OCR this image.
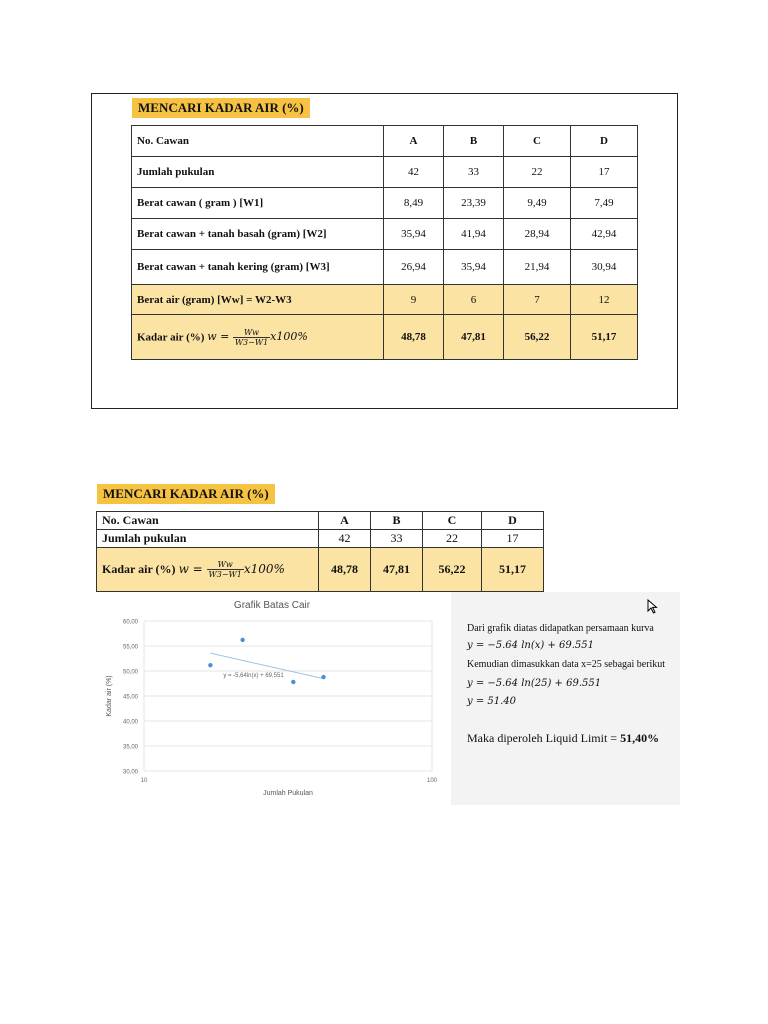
MENCARI KADAR AIR (%)
No. Cawan	A	B	C	D
Jumlah pukulan	42	33	22	17
Berat cawan ( gram ) [W1]	8,49	23,39	9,49	7,49
Berat cawan + tanah basah (gram) [W2]	35,94	41,94	28,94	42,94
Berat cawan + tanah kering (gram) [W3]	26,94	35,94	21,94	30,94
Berat air (gram) [Ww] = W2-W3	9	6	7	12
Kadar air (%) $w = \frac{Ww}{W3-W1} x100\%$	48,78	47,81	56,22	51,17
MENCARI KADAR AIR (%)
No. Cawan	A	B	C	D
Jumlah pukulan	42	33	22	17
Kadar air (%) $w = \frac{Ww}{W3-W1} x100\%$	48,78	47,81	56,22	51,17
Grafik Batas Cair
30,00
35,00
40,00
45,00
50,00
55,00
60,00
10	100
y = -5,64ln(x) + 69,551
Jumlah Pukulan
Kadar air (%)
Dari grafik diatas didapatkan persamaan kurva
y = −5.64 ln(x) + 69.551
Kemudian dimasukkan data x=25 sebagai berikut
y = −5.64 ln(25) + 69.551
y = 51.40
Maka diperoleh Liquid Limit = 51,40%
